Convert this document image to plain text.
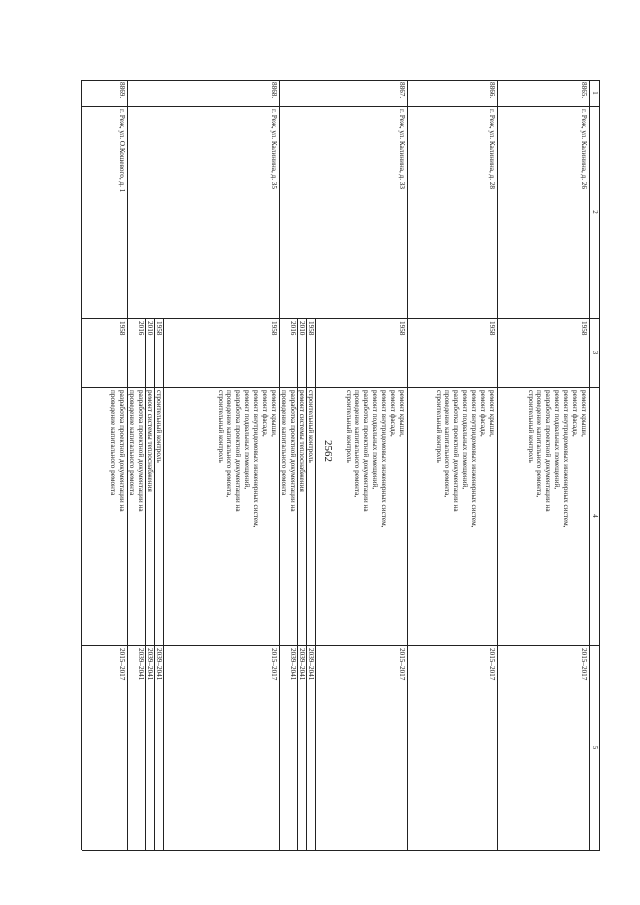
2562
1
2
3
4
5
8865.
г. Реж, ул. Калинина, д. 26
1958
ремонт крыши,
ремонт фасада,
ремонт внутридомовых инженерных систем,
ремонт подвальных помещений,
разработка проектной документации на
проведение капитального ремонта,
строительный контроль
2015–2017
8866.
г. Реж, ул. Калинина, д. 28
1958
ремонт крыши,
ремонт фасада,
ремонт внутридомовых инженерных систем,
ремонт подвальных помещений,
разработка проектной документации на
проведение капитального ремонта,
строительный контроль
2015–2017
8867.
г. Реж, ул. Калинина, д. 33
1958
ремонт крыши,
ремонт фасада,
ремонт внутридомовых инженерных систем,
ремонт подвальных помещений,
разработка проектной документации на
проведение капитального ремонта,
строительный контроль
2015–2017
1958
строительный контроль
2039–2041
2010
ремонт системы теплоснабжения
2039–2041
2016
разработка проектной документации на
проведение капитального ремонта
2039–2041
8868.
г. Реж, ул. Калинина, д. 35
1958
ремонт крыши,
ремонт фасада,
ремонт внутридомовых инженерных систем,
ремонт подвальных помещений,
разработка проектной документации на
проведение капитального ремонта,
строительный контроль
2015–2017
1958
строительный контроль
2039–2041
2010
ремонт системы теплоснабжения
2039–2041
2016
разработка проектной документации на
проведение капитального ремонта
2039–2041
8869.
г. Реж, ул. О.Кошевого, д. 1
1958
разработка проектной документации на
проведение капитального ремонта
2015–2017
